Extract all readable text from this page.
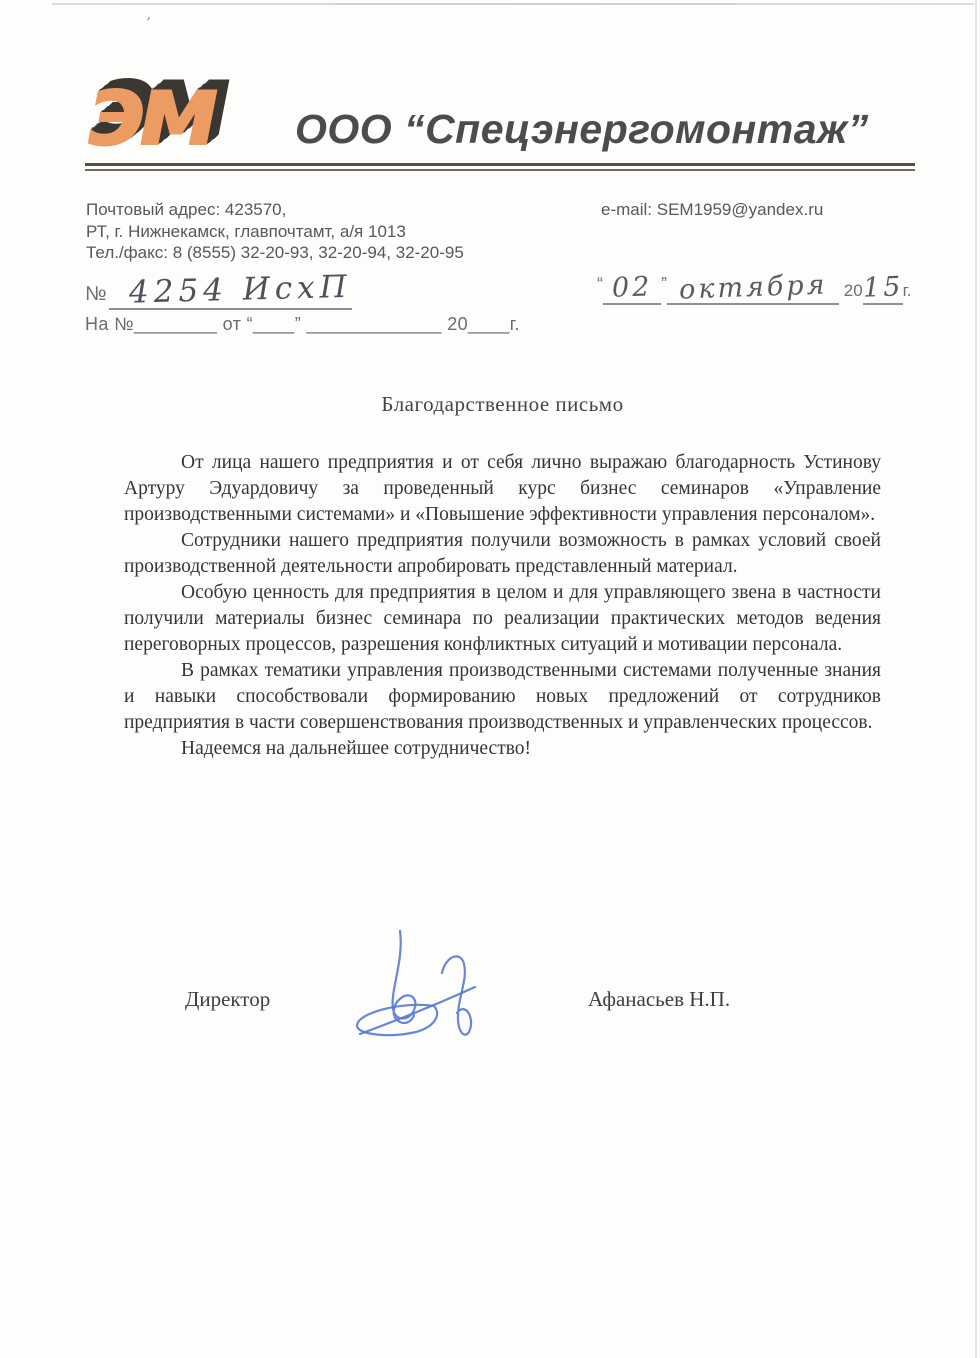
’
эм	ООО “Спецэнергомонтаж”
Почтовый адрес: 423570,
РТ, г. Нижнекамск, главпочтамт, а/я 1013
Тел./факс: 8 (8555) 32-20-93, 32-20-94, 32-20-95
e-mail: SEM1959@yandex.ru
№ 4254 ИсхП	“ 02 ” октября 2015г.
На №________ от “____” _____________ 20____г.
Благодарственное письмо

От лица нашего предприятия и от себя лично выражаю благодарность Устинову Артуру Эдуардовичу за проведенный курс бизнес семинаров «Управление производственными системами» и «Повышение эффективности управления персоналом».

Сотрудники нашего предприятия получили возможность в рамках условий своей производственной деятельности апробировать представленный материал.

Особую ценность для предприятия в целом и для управляющего звена в частности получили материалы бизнес семинара по реализации практических методов ведения переговорных процессов, разрешения конфликтных ситуаций и мотивации персонала.

В рамках тематики управления производственными системами полученные знания и навыки способствовали формированию новых предложений от сотрудников предприятия в части совершенствования производственных и управленческих процессов.

Надеемся на дальнейшее сотрудничество!

Директор	Афанасьев Н.П.
